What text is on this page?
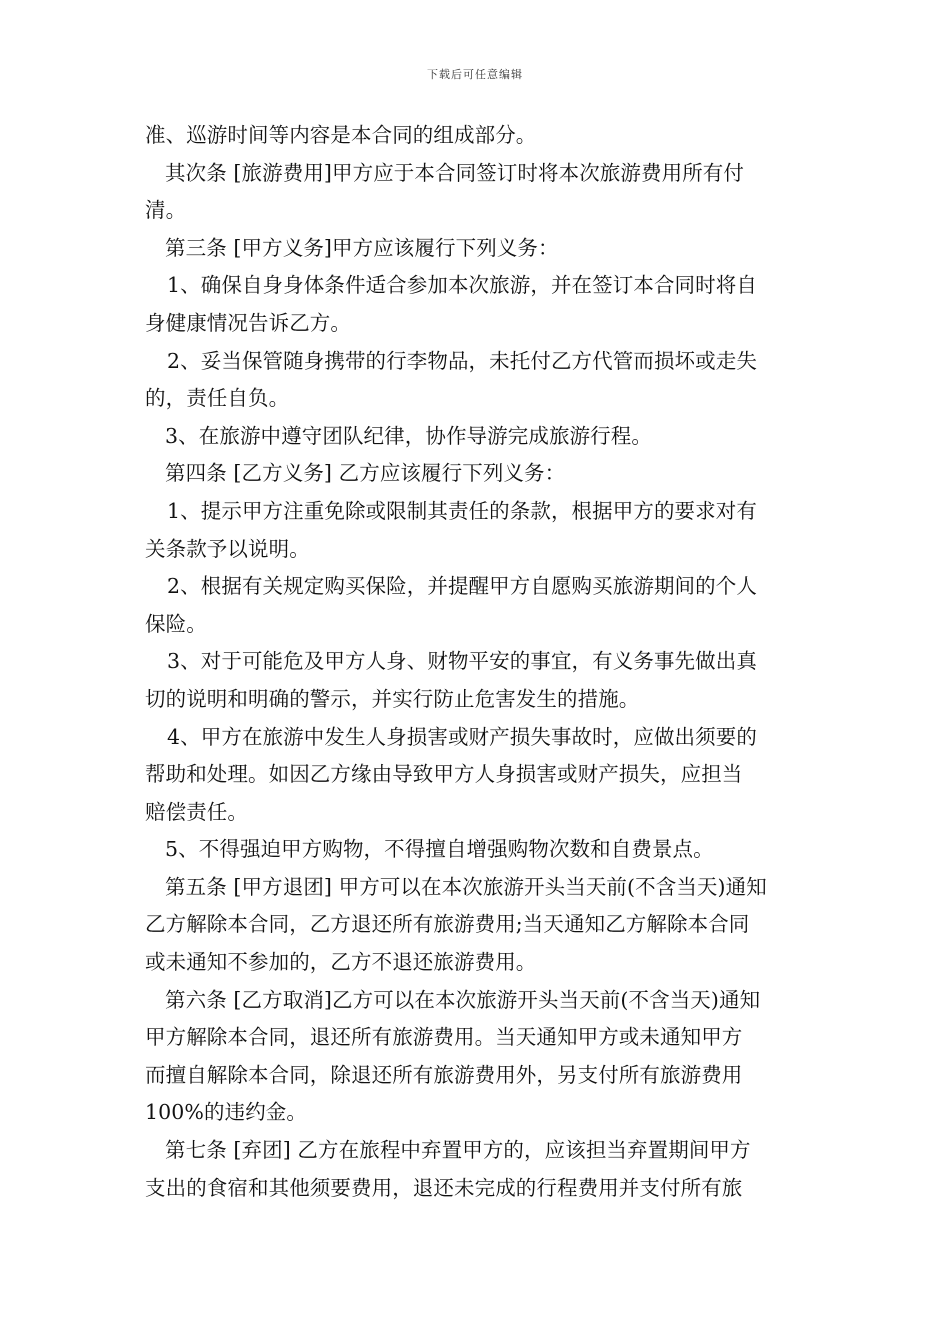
下载后可任意编辑
准、巡游时间等内容是本合同的组成部分。
其次条 [旅游费用]甲方应于本合同签订时将本次旅游费用所有付
清。
第三条 [甲方义务]甲方应该履行下列义务：
1、确保自身身体条件适合参加本次旅游，并在签订本合同时将自
身健康情况告诉乙方。
2、妥当保管随身携带的行李物品，未托付乙方代管而损坏或走失
的，责任自负。
3、在旅游中遵守团队纪律，协作导游完成旅游行程。
第四条 [乙方义务] 乙方应该履行下列义务：
1、提示甲方注重免除或限制其责任的条款，根据甲方的要求对有
关条款予以说明。
2、根据有关规定购买保险，并提醒甲方自愿购买旅游期间的个人
保险。
3、对于可能危及甲方人身、财物平安的事宜，有义务事先做出真
切的说明和明确的警示，并实行防止危害发生的措施。
4、甲方在旅游中发生人身损害或财产损失事故时，应做出须要的
帮助和处理。如因乙方缘由导致甲方人身损害或财产损失，应担当
赔偿责任。
5、不得强迫甲方购物，不得擅自增强购物次数和自费景点。
第五条 [甲方退团] 甲方可以在本次旅游开头当天前(不含当天)通知
乙方解除本合同，乙方退还所有旅游费用;当天通知乙方解除本合同
或未通知不参加的，乙方不退还旅游费用。
第六条 [乙方取消]乙方可以在本次旅游开头当天前(不含当天)通知
甲方解除本合同，退还所有旅游费用。当天通知甲方或未通知甲方
而擅自解除本合同，除退还所有旅游费用外，另支付所有旅游费用
100%的违约金。
第七条 [弃团] 乙方在旅程中弃置甲方的，应该担当弃置期间甲方
支出的食宿和其他须要费用，退还未完成的行程费用并支付所有旅
